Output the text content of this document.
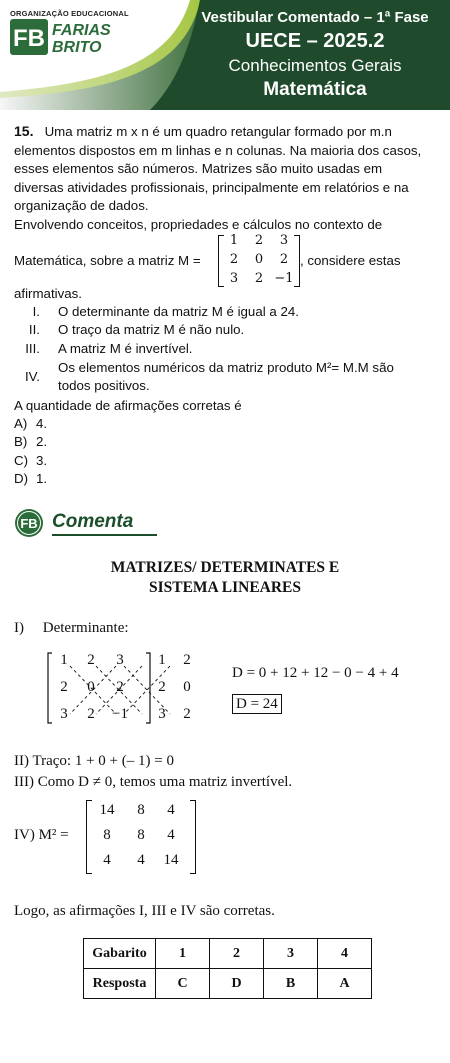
ORGANIZAÇÃO EDUCACIONAL
FB FARIAS
BRITO
Vestibular Comentado – 1ª Fase
UECE – 2025.2
Conhecimentos Gerais
Matemática
15. Uma matriz m x n é um quadro retangular formado por m.n
elementos dispostos em m linhas e n colunas. Na maioria dos casos,
esses elementos são números. Matrizes são muito usadas em
diversas atividades profissionais, principalmente em relatórios e na
organização de dados.
Envolvendo conceitos, propriedades e cálculos no contexto de
Matemática, sobre a matriz M =
1	2	3
2	0	2
3	2 −1
, considere estas
afirmativas.
I. O determinante da matriz M é igual a 24.
II. O traço da matriz M é não nulo.
III. A matriz M é invertível.
IV.
Os elementos numéricos da matriz produto M²= M.M são
todos positivos.
A quantidade de afirmações corretas é
A) 4.
B) 2.
C) 3.
D) 1.
FB Comenta
MATRIZES/ DETERMINATES E
SISTEMA LINEARES
I) Determinante:
1	2	3	1	2
2	0	2	2	0
3	2	−1	3	2
D = 0 + 12 + 12 − 0 − 4 + 4
D = 24
II) Traço: 1 + 0 + (– 1) = 0
III) Como D ≠ 0, temos uma matriz invertível.
IV) M² =
14	8	4
8	8	4
4	4	14
Logo, as afirmações I, III e IV são corretas.
Gabarito	1	2	3	4
Resposta	C	D	B	A
